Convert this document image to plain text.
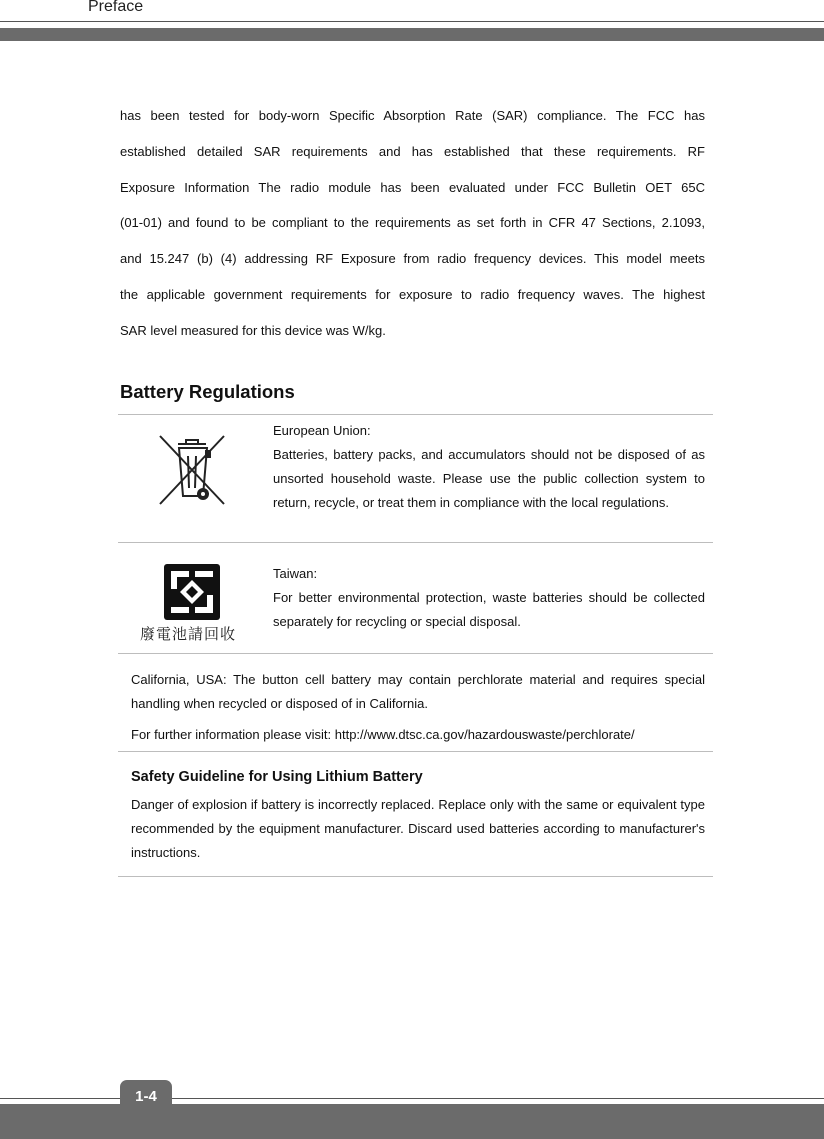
Preface
has been tested for body-worn Specific Absorption Rate (SAR) compliance. The FCC has
established detailed SAR requirements and has established that these requirements. RF
Exposure Information The radio module has been evaluated under FCC Bulletin OET 65C
(01-01) and found to be compliant to the requirements as set forth in CFR 47 Sections, 2.1093,
and 15.247 (b) (4) addressing RF Exposure from radio frequency devices. This model meets
the applicable government requirements for exposure to radio frequency waves. The highest
SAR level measured for this device was W/kg.
Battery Regulations

European Union:

Batteries, battery packs, and accumulators should not be disposed of as unsorted household waste. Please use the public collection system to return, recycle, or treat them in compliance with the local regulations.

廢電池請回收

Taiwan:

For better environmental protection, waste batteries should be collected separately for recycling or special disposal.

California, USA: The button cell battery may contain perchlorate material and requires special handling when recycled or disposed of in California.

For further information please visit: http://www.dtsc.ca.gov/hazardouswaste/perchlorate/

Safety Guideline for Using Lithium Battery

Danger of explosion if battery is incorrectly replaced. Replace only with the same or equivalent type recommended by the equipment manufacturer. Discard used batteries according to manufacturer's instructions.

1-4
